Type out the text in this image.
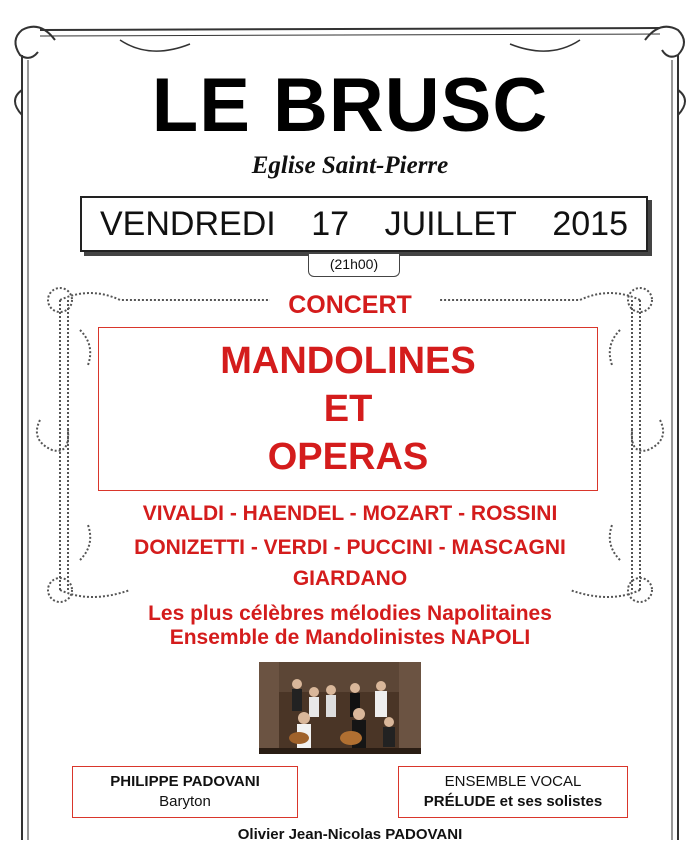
LE BRUSC
Eglise Saint-Pierre
VENDREDI 17 JUILLET 2015
(21h00)
CONCERT
MANDOLINES
ET
OPERAS
VIVALDI - HAENDEL - MOZART - ROSSINI
DONIZETTI - VERDI - PUCCINI - MASCAGNI
GIARDANO
Les plus célèbres mélodies Napolitaines
Ensemble de Mandolinistes NAPOLI
PHILIPPE PADOVANI
Baryton
ENSEMBLE VOCAL
PRÉLUDE et ses solistes
Olivier Jean-Nicolas PADOVANI
